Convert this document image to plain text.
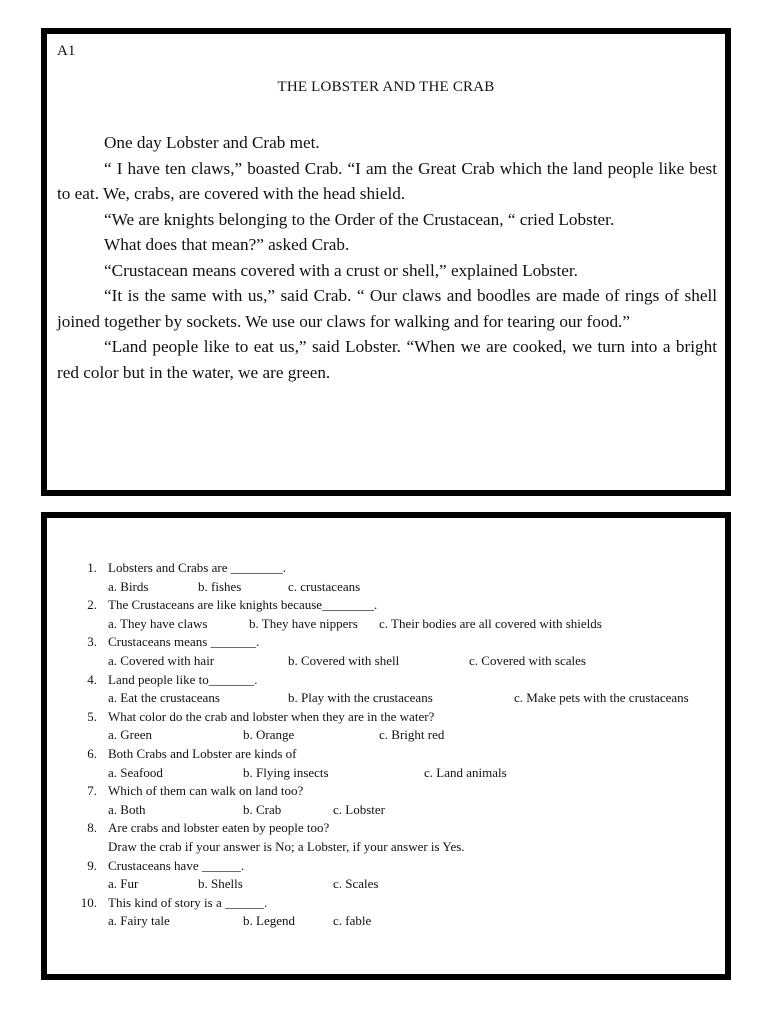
A1
THE LOBSTER AND THE CRAB

One day Lobster and Crab met.

“ I have ten claws,” boasted Crab. “I am the Great Crab which the land people like best to eat. We, crabs, are covered with the head shield.

“We are knights belonging to the Order of the Crustacean, “ cried Lobster.

What does that mean?” asked Crab.

“Crustacean means covered with a crust or shell,” explained Lobster.

“It is the same with us,” said Crab. “ Our claws and boodles are made of rings of shell joined together by sockets. We use our claws for walking and for tearing our food.”

“Land people like to eat us,” said Lobster. “When we are cooked, we turn into a bright red color but in the water, we are green.

1. Lobsters and Crabs are ________.
a. Birds	b. fishes	c. crustaceans
2. The Crustaceans are like knights because________.
a. They have claws	b. They have nippers c. Their bodies are all covered with shields
3. Crustaceans means _______.
a. Covered with hair	b. Covered with shell	c. Covered with scales
4. Land people like to_______.
a. Eat the crustaceans	b. Play with the crustaceans	c. Make pets with the crustaceans
5. What color do the crab and lobster when they are in the water?
a. Green	b. Orange	c. Bright red
6. Both Crabs and Lobster are kinds of
a. Seafood	b. Flying insects	c. Land animals
7. Which of them can walk on land too?
a. Both	b. Crab	c. Lobster
8. Are crabs and lobster eaten by people too?
Draw the crab if your answer is No; a Lobster, if your answer is Yes.
9. Crustaceans have ______.
a. Fur	b. Shells	c. Scales
10. This kind of story is a ______.
a. Fairy tale	b. Legend	c. fable
